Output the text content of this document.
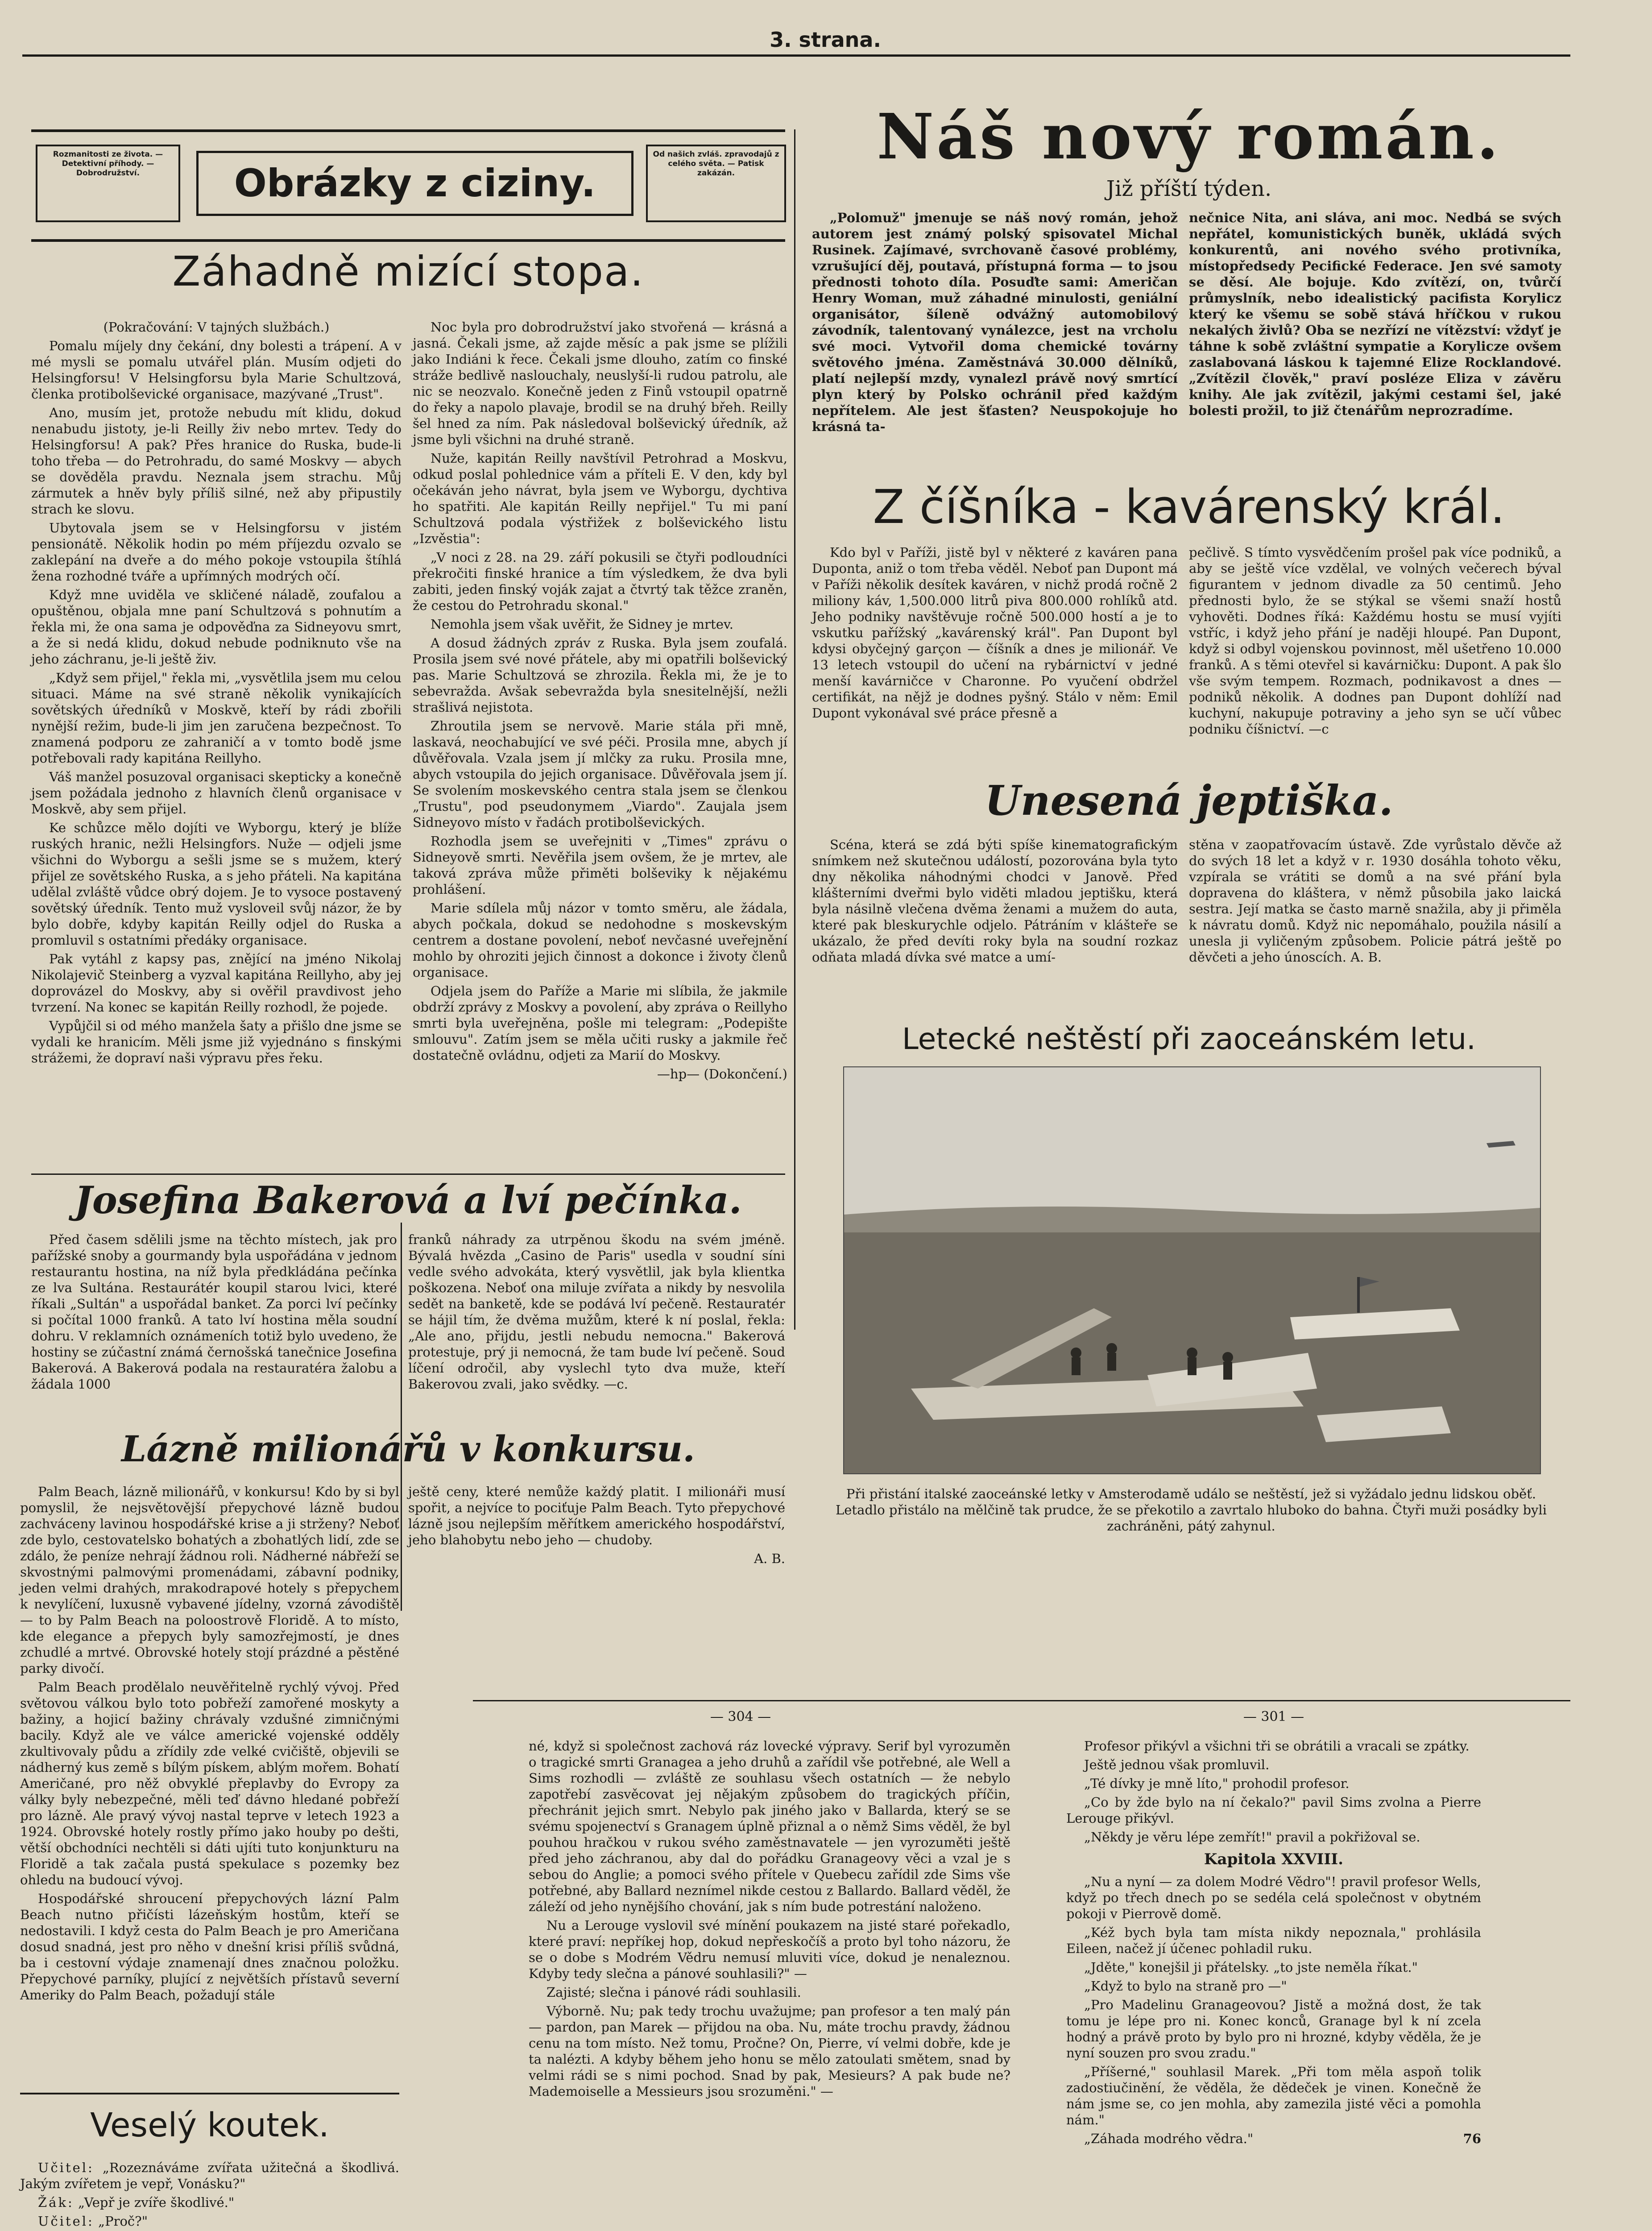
3. strana.
Rozmanitosti ze života. — Detektivní příhody. — Dobrodružství.	Obrázky z ciziny.
Od našich zvláš. zpravodajů z celého světa. — Patisk zakázán.
Záhadně mizící stopa.

(Pokračování: V tajných službách.)

Pomalu míjely dny čekání, dny bolesti a trápení. A v mé mysli se pomalu utvářel plán. Musím odjeti do Helsingforsu! V Helsingforsu byla Marie Schultzová, členka protibolševické organisace, mazývané „Trust".

Ano, musím jet, protože nebudu mít klidu, dokud nenabudu jistoty, je-li Reilly živ nebo mrtev. Tedy do Helsingforsu! A pak? Přes hranice do Ruska, bude-li toho třeba — do Petrohradu, do samé Moskvy — abych se dověděla pravdu. Neznala jsem strachu. Můj zármutek a hněv byly příliš silné, než aby připustily strach ke slovu.

Ubytovala jsem se v Helsingforsu v jistém pensionátě. Několik hodin po mém příjezdu ozvalo se zaklepání na dveře a do mého pokoje vstoupila štíhlá žena rozhodné tváře a upřímných modrých očí.

Když mne uviděla ve skličené náladě, zoufalou a opuštěnou, objala mne paní Schultzová s pohnutím a řekla mi, že ona sama je odpověďna za Sidneyovu smrt, a že si nedá klidu, dokud nebude podniknuto vše na jeho záchranu, je-li ještě živ.

„Když sem přijel," řekla mi, „vysvětlila jsem mu celou situaci. Máme na své straně několik vynikajících sovětských úředníků v Moskvě, kteří by rádi zbořili nynější režim, bude-li jim jen zaručena bezpečnost. To znamená podporu ze zahraničí a v tomto bodě jsme potřebovali rady kapitána Reillyho.

Váš manžel posuzoval organisaci skepticky a konečně jsem požádala jednoho z hlavních členů organisace v Moskvě, aby sem přijel.

Ke schůzce mělo dojíti ve Wyborgu, který je blíže ruských hranic, nežli Helsingfors. Nuže — odjeli jsme všichni do Wyborgu a sešli jsme se s mužem, který přijel ze sovětského Ruska, a s jeho přáteli. Na kapitána udělal zvláště vůdce obrý dojem. Je to vysoce postavený sovětský úředník. Tento muž vysloveil svůj názor, že by bylo dobře, kdyby kapitán Reilly odjel do Ruska a promluvil s ostatními předáky organisace.

Pak vytáhl z kapsy pas, znějící na jméno Nikolaj Nikolajevič Steinberg a vyzval kapitána Reillyho, aby jej doprovázel do Moskvy, aby si ověřil pravdivost jeho tvrzení. Na konec se kapitán Reilly rozhodl, že pojede.

Vypůjčil si od mého manžela šaty a přišlo dne jsme se vydali ke hranicím. Měli jsme již vyjednáno s finskými strážemi, že dopraví naši výpravu přes řeku.

Noc byla pro dobrodružství jako stvořená — krásná a jasná. Čekali jsme, až zajde měsíc a pak jsme se plížili jako Indiáni k řece. Čekali jsme dlouho, zatím co finské stráže bedlivě naslouchaly, neuslyší-li rudou patrolu, ale nic se neozvalo. Konečně jeden z Finů vstoupil opatrně do řeky a napolo plavaje, brodil se na druhý břeh. Reilly šel hned za ním. Pak následoval bolševický úředník, až jsme byli všichni na druhé straně.

Nuže, kapitán Reilly navštívil Petrohrad a Moskvu, odkud poslal pohlednice vám a příteli E. V den, kdy byl očekáván jeho návrat, byla jsem ve Wyborgu, dychtiva ho spatřiti. Ale kapitán Reilly nepřijel." Tu mi paní Schultzová podala výstřižek z bolševického listu „Izvěstia":

„V noci z 28. na 29. září pokusili se čtyři podloudníci překročiti finské hranice a tím výsledkem, že dva byli zabiti, jeden finský voják zajat a čtvrtý tak těžce zraněn, že cestou do Petrohradu skonal."

Nemohla jsem však uvěřit, že Sidney je mrtev.

A dosud žádných zpráv z Ruska. Byla jsem zoufalá. Prosila jsem své nové přátele, aby mi opatřili bolševický pas. Marie Schultzová se zhrozila. Řekla mi, že je to sebevražda. Avšak sebevražda byla snesitelnější, nežli strašlivá nejistota.

Zhroutila jsem se nervově. Marie stála při mně, laskavá, neochabující ve své péči. Prosila mne, abych jí důvěřovala. Vzala jsem jí mlčky za ruku. Prosila mne, abych vstoupila do jejich organisace. Důvěřovala jsem jí. Se svolením moskevského centra stala jsem se členkou „Trustu", pod pseudonymem „Viardo". Zaujala jsem Sidneyovo místo v řadách protibolševických.

Rozhodla jsem se uveřejniti v „Times" zprávu o Sidneyově smrti. Nevěřila jsem ovšem, že je mrtev, ale taková zpráva může přiměti bolševiky k nějakému prohlášení.

Marie sdílela můj názor v tomto směru, ale žádala, abych počkala, dokud se nedohodne s moskevským centrem a dostane povolení, neboť nevčasné uveřejnění mohlo by ohroziti jejich činnost a dokonce i životy členů organisace.

Odjela jsem do Paříže a Marie mi slíbila, že jakmile obdrží zprávy z Moskvy a povolení, aby zpráva o Reillyho smrti byla uveřejněna, pošle mi telegram: „Podepište smlouvu". Zatím jsem se měla učiti rusky a jakmile řeč dostatečně ovládnu, odjeti za Marií do Moskvy.

—hp— (Dokončení.)

Náš nový román.
Již příští týden.

„Polomuž" jmenuje se náš nový román, jehož autorem jest známý polský spisovatel Michal Rusinek. Zajímavé, svrchovaně časové problémy, vzrušující děj, poutavá, přístupná forma — to jsou přednosti tohoto díla. Posuďte sami: Američan Henry Woman, muž záhadné minulosti, geniální organisátor, šíleně odvážný automobilový závodník, talentovaný vynálezce, jest na vrcholu své moci. Vytvořil doma chemické továrny světového jména. Zaměstnává 30.000 dělníků, platí nejlepší mzdy, vynalezl právě nový smrtící plyn který by Polsko ochránil před každým nepřítelem. Ale jest šťasten? Neuspokojuje ho krásná ta-

nečnice Nita, ani sláva, ani moc. Nedbá se svých nepřátel, komunistických buněk, ukládá svých konkurentů, ani nového svého protivníka, místopředsedy Pecifické Federace. Jen své samoty se děsí. Ale bojuje. Kdo zvítězí, on, tvůrčí průmyslník, nebo idealistický pacifista Korylicz který ke všemu se sobě stává hříčkou v rukou nekalých živlů? Oba se nezřízí ne vítězství: vždyť je táhne k sobě zvláštní sympatie a Koryliczе ovšem zaslabovaná láskou k tajemné Elize Rocklandové. „Zvítězil člověk," praví posléze Eliza v závěru knihy. Ale jak zvítězil, jakými cestami šel, jaké bolesti prožil, to již čtenářům neprozradíme.

Z číšníka - kavárenský král.

Kdo byl v Paříži, jistě byl v některé z kaváren pana Duponta, aniž o tom třeba věděl. Neboť pan Dupont má v Paříži několik desítek kaváren, v nichž prodá ročně 2 miliony káv, 1,500.000 litrů piva 800.000 rohlíků atd. Jeho podniky navštěvuje ročně 500.000 hostí a je to vskutku pařížský „kavárenský král". Pan Dupont byl kdysi obyčejný garçon — číšník a dnes je milionář. Ve 13 letech vstoupil do učení na rybárnictví v jedné menší kavárničce v Charonne. Po vyučení obdržel certifikát, na nějž je dodnes pyšný. Stálo v něm: Emil Dupont vykonával své práce přesně a

pečlivě. S tímto vysvědčením prošel pak více podniků, a aby se ještě více vzdělal, ve volných večerech býval figurantem v jednom divadle za 50 centimů. Jeho přednosti bylo, že se stýkal se všemi snaží hostů vyhověti. Dodnes říká: Každému hostu se musí vyjíti vstříc, i když jeho přání je naději hloupé. Pan Dupont, když si odbyl vojenskou povinnost, měl ušetřeno 10.000 franků. A s těmi otevřel si kavárničku: Dupont. A pak šlo vše svým tempem. Rozmach, podnikavost a dnes — podniků několik. A dodnes pan Dupont dohlíží nad kuchyní, nakupuje potraviny a jeho syn se učí vůbec podniku číšnictví. —c

Unesená jeptiška.

Scéna, která se zdá býti spíše kinematografickým snímkem než skutečnou událostí, pozorována byla tyto dny několika náhodnými chodci v Janově. Před klášterními dveřmi bylo viděti mladou jeptišku, která byla násilně vlečena dvěma ženami a mužem do auta, které pak bleskurychle odjelo. Pátráním v klášteře se ukázalo, že před devíti roky byla na soudní rozkaz odňata mladá dívka své matce a umí-

stěna v zaopatřovacím ústavě. Zde vyrůstalo děvče až do svých 18 let a když v r. 1930 dosáhla tohoto věku, vzpírala se vrátiti se domů a na své přání byla dopravena do kláštera, v němž působila jako laická sestra. Její matka se často marně snažila, aby ji přiměla k návratu domů. Když nic nepomáhalo, použila násilí a unesla ji vyličeným způsobem. Policie pátrá ještě po děvčeti a jeho únoscích. A. B.

Letecké neštěstí při zaoceánském letu.

Při přistání italské zaoceánské letky v Amsterodamě událo se neštěstí, jež si vyžádalo jednu lidskou oběť. Letadlo přistálo na mělčině tak prudce, že se překotilo a zavrtalo hluboko do bahna. Čtyři muži posádky byli zachráněni, pátý zahynul.

Josefina Bakerová a lví pečínka.

Před časem sdělili jsme na těchto místech, jak pro pařížské snoby a gourmandy byla uspořádána v jednom restaurantu hostina, na níž byla předkládána pečínka ze lva Sultána. Restaurátér koupil starou lvici, které říkali „Sultán" a uspořádal banket. Za porci lví pečínky si počítal 1000 franků. A tato lví hostina měla soudní dohru. V reklamních oznámeních totiž bylo uvedeno, že hostiny se zúčastní známá černošská tanečnice Josefina Bakerová. A Bakerová podala na restauratéra žalobu a žádala 1000

franků náhrady za utrpěnou škodu na svém jméně. Bývalá hvězda „Casino de Paris" usedla v soudní síni vedle svého advokáta, který vysvětlil, jak byla klientka poškozena. Neboť ona miluje zvířata a nikdy by nesvolila sedět na banketě, kde se podává lví pečeně. Restauratér se hájil tím, že dvěma mužům, které k ní poslal, řekla: „Ale ano, přijdu, jestli nebudu nemocna." Bakerová protestuje, prý ji nemocná, že tam bude lví pečeně. Soud líčení odročil, aby vyslechl tyto dva muže, kteří Bakerovou zvali, jako svědky. —c.

Lázně milionářů v konkursu.

Palm Beach, lázně milionářů, v konkursu! Kdo by si byl pomyslil, že nejsvětovější přepychové lázně budou zachváceny lavinou hospodářské krise a ji strženy? Neboť zde bylo, cestovatelsko bohatých a zbohatlých lidí, zde se zdálo, že peníze nehrají žádnou roli. Nádherné nábřeží se skvostnými palmovými promenádami, zábavní podniky, jeden velmi drahých, mrakodrapové hotely s přepychem k nevylíčení, luxusně vybavené jídelny, vzorná závodiště — to by Palm Beach na poloostrově Floridě. A to místo, kde elegance a přepych byly samozřejmostí, je dnes zchudlé a mrtvé. Obrovské hotely stojí prázdné a pěstěné parky divočí.

Palm Beach prodělalo neuvěřitelně rychlý vývoj. Před světovou válkou bylo toto pobřeží zamořené moskyty a bažiny, a hojicí bažiny chrávaly vzdušné zimničnými bacily. Když ale ve válce americké vojenské odděly zkultivovaly půdu a zřídily zde velké cvičiště, objevili se nádherný kus země s bílým pískem, ablým mořem. Bohatí Američané, pro něž obvyklé přeplavby do Evropy za války byly nebezpečné, měli teď dávno hledané pobřeží pro lázně. Ale pravý vývoj nastal teprve v letech 1923 a 1924. Obrovské hotely rostly přímo jako houby po dešti, větší obchodníci nechtěli si dáti ujíti tuto konjunkturu na Floridě a tak začala pustá spekulace s pozemky bez ohledu na budoucí vývoj.

Hospodářské shroucení přepychových lázní Palm Beach nutno přičísti lázeňským hostům, kteří se nedostavili. I když cesta do Palm Beach je pro Američana dosud snadná, jest pro něho v dnešní krisi příliš svůdná, ba i cestovní výdaje znamenají dnes značnou položku. Přepychové parníky, plující z největších přístavů severní Ameriky do Palm Beach, požadují stále

ještě ceny, které nemůže každý platit. I milionáři musí spořit, a nejvíce to pociťuje Palm Beach. Tyto přepychové lázně jsou nejlepším měřítkem amerického hospodářství, jeho blahobytu nebo jeho — chudoby.

A. B.

Veselý koutek.

Učitel: „Rozeznáváme zvířata užitečná a škodlivá. Jakým zvířetem je vepř, Vonásku?"

Žák: „Vepř je zvíře škodlivé."

Učitel: „Proč?"

— 304 —

né, když si společnost zachová ráz lovecké výpravy. Serif byl vyrozuměn o tragické smrti Granagea a jeho druhů a zařídil vše potřebné, ale Well a Sims rozhodli — zvláště ze souhlasu všech ostatních — že nebylo zapotřebí zasvěcovat jej nějakým způsobem do tragických příčin, přechránit jejich smrt. Nebylo pak jiného jako v Ballarda, který se se svému spojenectví s Granagem úplně přiznal a o němž Sims věděl, že byl pouhou hračkou v rukou svého zaměstnavatele — jen vyrozuměti ještě před jeho záchranou, aby dal do pořádku Granageovy věci a vzal je s sebou do Anglie; a pomoci svého přítele v Quebecu zařídil zde Sims vše potřebné, aby Ballard neznímel nikde cestou z Ballardo. Ballard věděl, že záleží od jeho nynějšího chování, jak s ním bude potrestání naloženo.

Nu a Lerouge vyslovil své mínění poukazem na jisté staré pořekadlo, které praví: nepříkej hop, dokud nepřeskočíš a proto byl toho názoru, že se o dobe s Modrém Vědru nemusí mluviti více, dokud je nenaleznou. Kdyby tedy slečna a pánové souhlasili?" —

Zajisté; slečna i pánové rádi souhlasili.

Výborně. Nu; pak tedy trochu uvažujme; pan profesor a ten malý pán — pardon, pan Marek — přijdou na oba. Nu, máte trochu pravdy, žádnou cenu na tom místo. Než tomu, Pročne? On, Pierre, ví velmi dobře, kde je ta nalézti. A kdyby během jeho honu se mělo zatoulati smětem, snad by velmi rádi se s nimi pochod. Snad by pak, Mesieurs? A pak bude ne? Mademoiselle a Messieurs jsou srozuměni." —

— 301 —

Profesor přikývl a všichni tři se obrátili a vracali se zpátky.

Ještě jednou však promluvil.

„Té dívky je mně líto," prohodil profesor.

„Co by žde bylo na ní čekalo?" pavil Sims zvolna a Pierre Lerouge přikývl.

„Někdy je věru lépe zemřít!" pravil a pokřižoval se.

Kapitola XXVIII.

„Nu a nyní — za dolem Modré Vědro"! pravil profesor Wells, když po třech dnech po se sedéla celá společnost v obytném pokoji v Pierrově domě.

„Kéž bych byla tam místa nikdy nepoznala," prohlásila Eileen, načež jí účenec pohladil ruku.

„Jděte," konejšil ji přátelsky. „to jste neměla říkat."

„Když to bylo na straně pro —"

„Pro Madelinu Granageovou? Jistě a možná dost, že tak tomu je lépe pro ni. Konec konců, Granage byl k ní zcela hodný a právě proto by bylo pro ni hrozné, kdyby věděla, že je nyní souzen pro svou zradu."

„Příšerné," souhlasil Marek. „Při tom měla aspoň tolik zadostiučinění, že věděla, že dědeček je vinen. Konečně že nám jsme se, co jen mohla, aby zamezila jisté věci a pomohla nám."

„Záhada modrého vědra."	76
